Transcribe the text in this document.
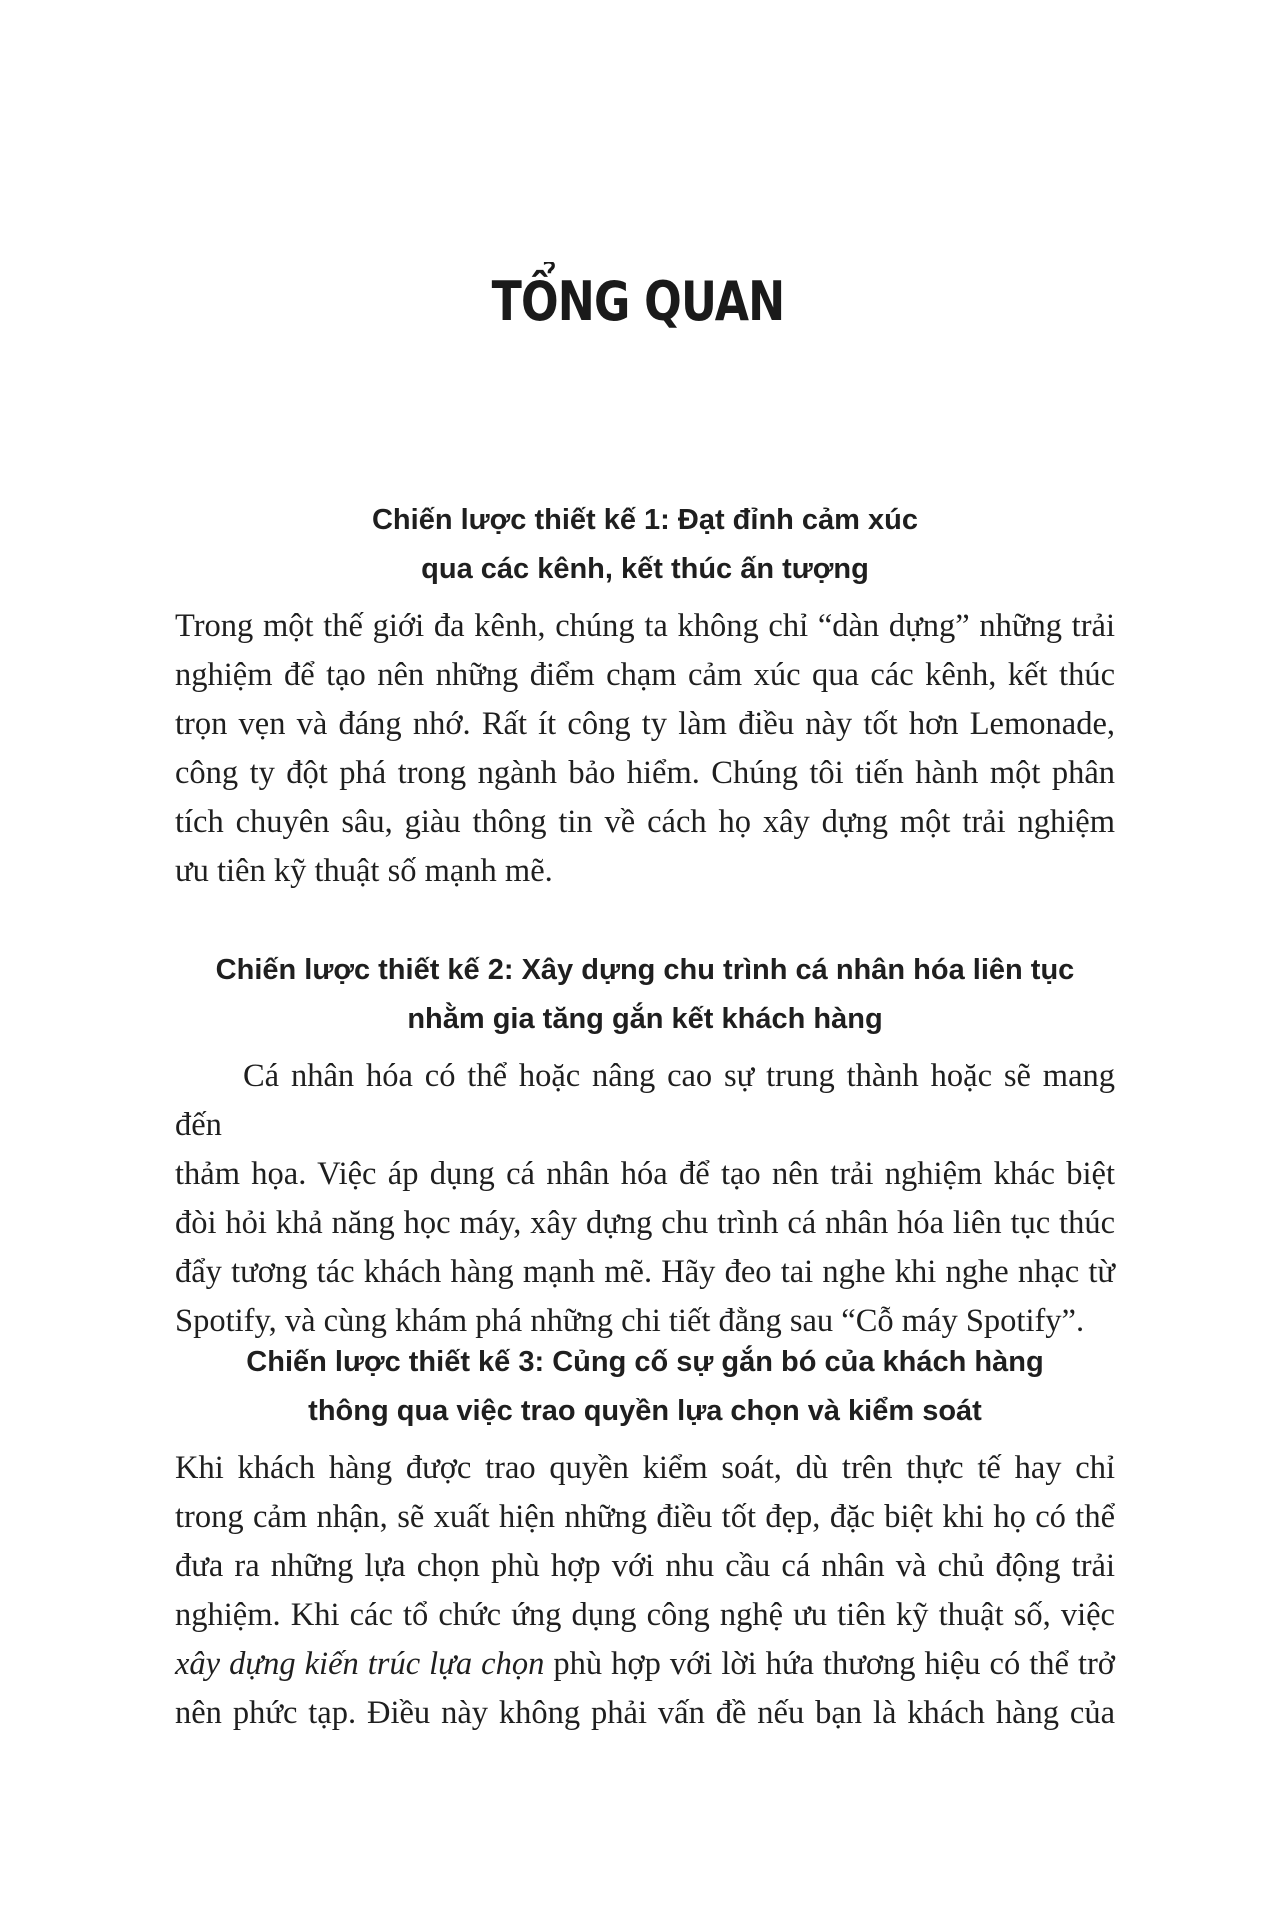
TỔNG QUAN
Chiến lược thiết kế 1: Đạt đỉnh cảm xúc
qua các kênh, kết thúc ấn tượng

Trong một thế giới đa kênh, chúng ta không chỉ “dàn dựng” những trải
nghiệm để tạo nên những điểm chạm cảm xúc qua các kênh, kết thúc
trọn vẹn và đáng nhớ. Rất ít công ty làm điều này tốt hơn Lemonade,
công ty đột phá trong ngành bảo hiểm. Chúng tôi tiến hành một phân
tích chuyên sâu, giàu thông tin về cách họ xây dựng một trải nghiệm
ưu tiên kỹ thuật số mạnh mẽ.

Chiến lược thiết kế 2: Xây dựng chu trình cá nhân hóa liên tục
nhằm gia tăng gắn kết khách hàng

Cá nhân hóa có thể hoặc nâng cao sự trung thành hoặc sẽ mang đến
thảm họa. Việc áp dụng cá nhân hóa để tạo nên trải nghiệm khác biệt
đòi hỏi khả năng học máy, xây dựng chu trình cá nhân hóa liên tục thúc
đẩy tương tác khách hàng mạnh mẽ. Hãy đeo tai nghe khi nghe nhạc từ
Spotify, và cùng khám phá những chi tiết đằng sau “Cỗ máy Spotify”.

Chiến lược thiết kế 3: Củng cố sự gắn bó của khách hàng
thông qua việc trao quyền lựa chọn và kiểm soát

Khi khách hàng được trao quyền kiểm soát, dù trên thực tế hay chỉ
trong cảm nhận, sẽ xuất hiện những điều tốt đẹp, đặc biệt khi họ có thể
đưa ra những lựa chọn phù hợp với nhu cầu cá nhân và chủ động trải
nghiệm. Khi các tổ chức ứng dụng công nghệ ưu tiên kỹ thuật số, việc
xây dựng kiến trúc lựa chọn phù hợp với lời hứa thương hiệu có thể trở
nên phức tạp. Điều này không phải vấn đề nếu bạn là khách hàng của
